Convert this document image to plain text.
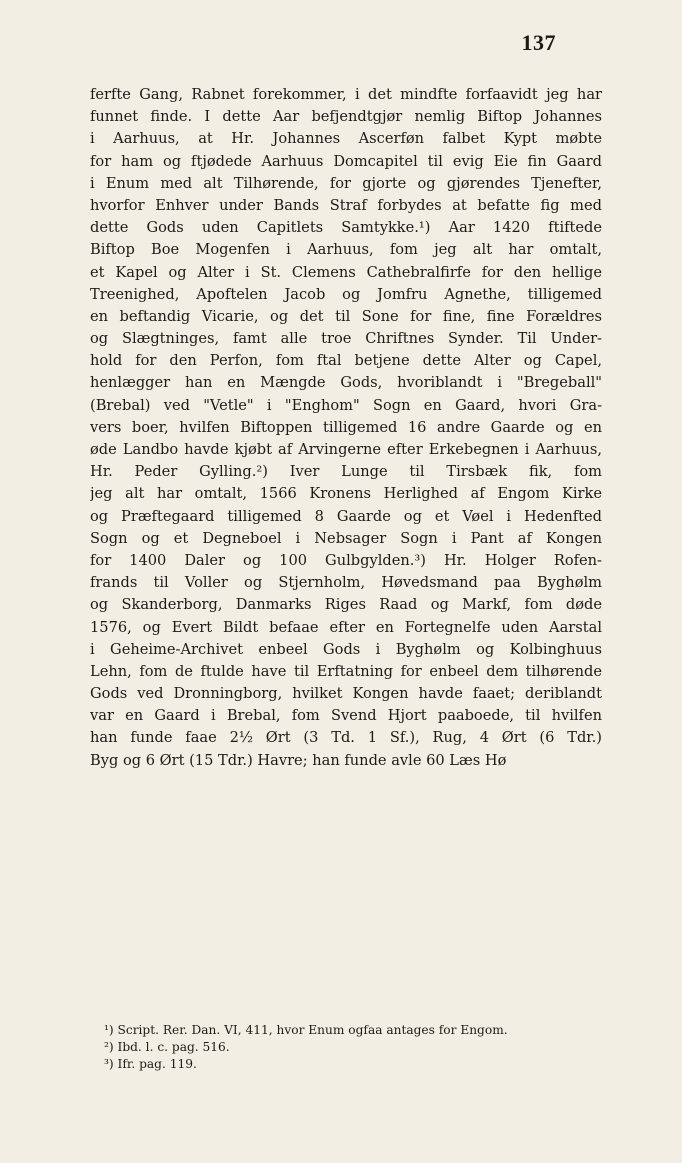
137
ferfte Gang, Rabnet forekommer, i det mindfte forfaavidt jeg har
funnet finde. I dette Aar befjendtgjør nemlig Biftop Johannes
i Aarhuus, at Hr. Johannes Ascerføn falbet Kypt møbte
for ham og ftjødede Aarhuus Domcapitel til evig Eie fin Gaard
i Enum med alt Tilhørende, for gjorte og gjørendes Tjenefter,
hvorfor Enhver under Bands Straf forbydes at befatte fig med
dette Gods uden Capitlets Samtykke.¹) Aar 1420 ftiftede
Biftop Boe Mogenfen i Aarhuus, fom jeg alt har omtalt,
et Kapel og Alter i St. Clemens Cathebralfirfe for den hellige
Treenighed, Apoftelen Jacob og Jomfru Agnethe, tilligemed
en beftandig Vicarie, og det til Sone for fine, fine Forældres
og Slægtninges, famt alle troe Chriftnes Synder. Til Under-
hold for den Perfon, fom ftal betjene dette Alter og Capel,
henlægger han en Mængde Gods, hvoriblandt i "Bregeball"
(Brebal) ved "Vetle" i "Enghom" Sogn en Gaard, hvori Gra-
vers boer, hvilfen Biftoppen tilligemed 16 andre Gaarde og en
øde Landbo havde kjøbt af Arvingerne efter Erkebegnen i Aarhuus,
Hr. Peder Gylling.²) Iver Lunge til Tirsbæk fik, fom
jeg alt har omtalt, 1566 Kronens Herlighed af Engom Kirke
og Præftegaard tilligemed 8 Gaarde og et Vøel i Hedenfted
Sogn og et Degneboel i Nebsager Sogn i Pant af Kongen
for 1400 Daler og 100 Gulbgylden.³) Hr. Holger Rofen-
frands til Voller og Stjernholm, Høvedsmand paa Byghølm
og Skanderborg, Danmarks Riges Raad og Markf, fom døde
1576, og Evert Bildt befaae efter en Fortegnelfe uden Aarstal
i Geheime-Archivet enbeel Gods i Byghølm og Kolbinghuus
Lehn, fom de ftulde have til Erftatning for enbeel dem tilhørende
Gods ved Dronningborg, hvilket Kongen havde faaet; deriblandt
var en Gaard i Brebal, fom Svend Hjort paaboede, til hvilfen
han funde faae 2½ Ørt (3 Td. 1 Sf.), Rug, 4 Ørt (6 Tdr.)
Byg og 6 Ørt (15 Tdr.) Havre; han funde avle 60 Læs Hø
¹) Script. Rer. Dan. VI, 411, hvor Enum ogfaa antages for Engom.
²) Ibd. l. c. pag. 516.
³) Ifr. pag. 119.
